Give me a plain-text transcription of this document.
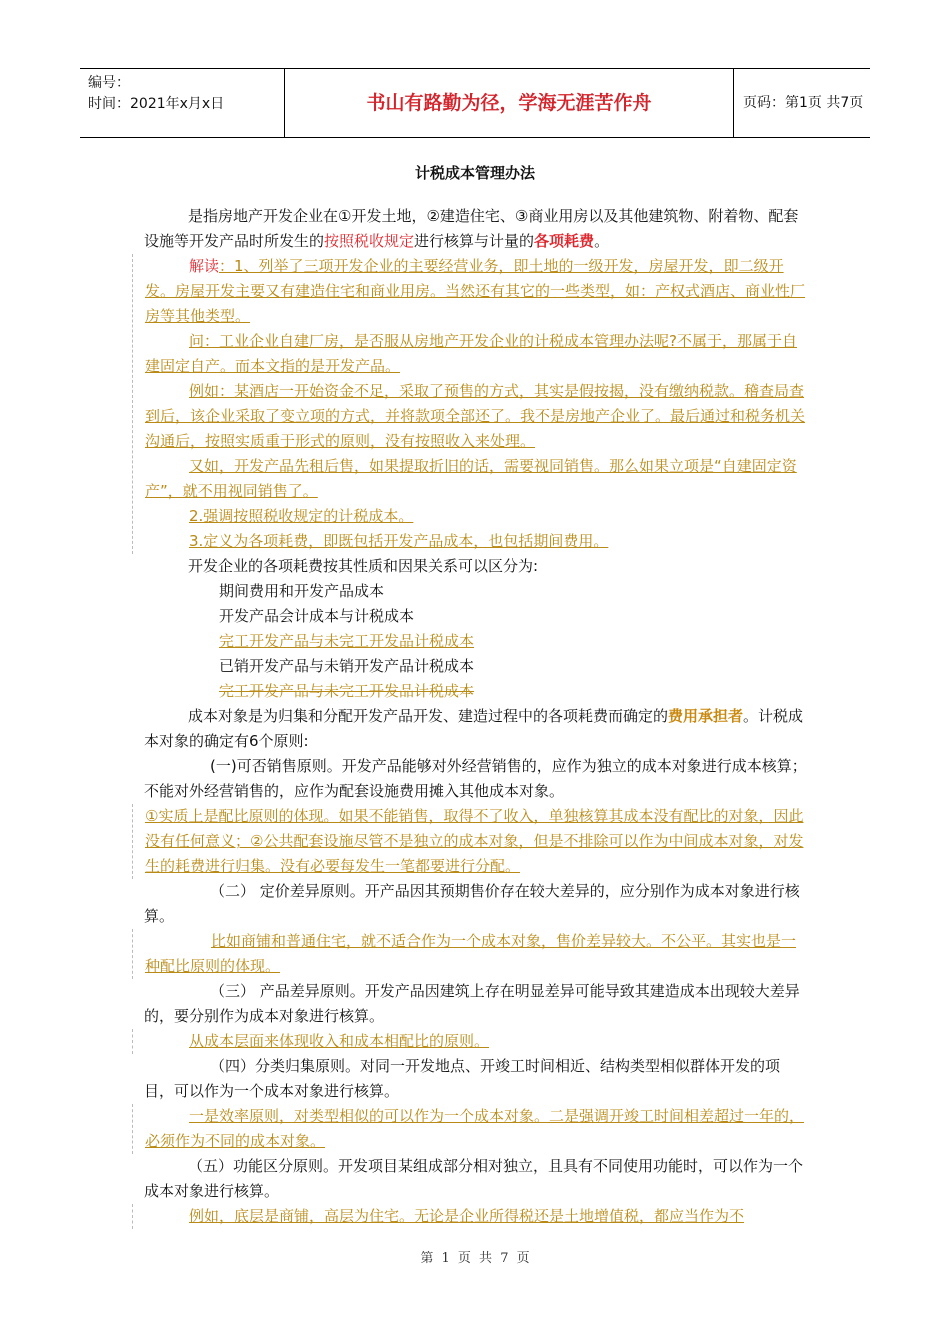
编号：
时间：2021年x月x日	书山有路勤为径，学海无涯苦作舟	页码：第1页 共7页
计税成本管理办法

是指房地产开发企业在①开发土地，②建造住宅、③商业用房以及其他建筑物、附着物、配套设施等开发产品时所发生的按照税收规定进行核算与计量的各项耗费。

解读：1、列举了三项开发企业的主要经营业务，即土地的一级开发，房屋开发，即二级开发。房屋开发主要又有建造住宅和商业用房。当然还有其它的一些类型，如：产权式酒店、商业性厂房等其他类型。

问：工业企业自建厂房，是否服从房地产开发企业的计税成本管理办法呢?不属于，那属于自建固定自产。而本文指的是开发产品。

例如：某酒店一开始资金不足，采取了预售的方式，其实是假按揭，没有缴纳税款。稽查局查到后，该企业采取了变立项的方式，并将款项全部还了。我不是房地产企业了。最后通过和税务机关沟通后，按照实质重于形式的原则，没有按照收入来处理。

又如，开发产品先租后售，如果提取折旧的话，需要视同销售。那么如果立项是“自建固定资产”，就不用视同销售了。

2.强调按照税收规定的计税成本。

3.定义为各项耗费，即既包括开发产品成本，也包括期间费用。

开发企业的各项耗费按其性质和因果关系可以区分为:

期间费用和开发产品成本

开发产品会计成本与计税成本

完工开发产品与未完工开发品计税成本

已销开发产品与未销开发产品计税成本

完工开发产品与未完工开发品计税成本

成本对象是为归集和分配开发产品开发、建造过程中的各项耗费而确定的费用承担者。计税成本对象的确定有6个原则:

(一)可否销售原则。开发产品能够对外经营销售的，应作为独立的成本对象进行成本核算；不能对外经营销售的，应作为配套设施费用摊入其他成本对象。

①实质上是配比原则的体现。如果不能销售，取得不了收入，单独核算其成本没有配比的对象，因此没有任何意义；②公共配套设施尽管不是独立的成本对象，但是不排除可以作为中间成本对象，对发生的耗费进行归集。没有必要每发生一笔都要进行分配。

（二） 定价差异原则。开产品因其预期售价存在较大差异的，应分别作为成本对象进行核算。

比如商铺和普通住宅，就不适合作为一个成本对象，售价差异较大。不公平。其实也是一种配比原则的体现。

（三） 产品差异原则。开发产品因建筑上存在明显差异可能导致其建造成本出现较大差异的，要分别作为成本对象进行核算。

从成本层面来体现收入和成本相配比的原则。

（四）分类归集原则。对同一开发地点、开竣工时间相近、结构类型相似群体开发的项目，可以作为一个成本对象进行核算。

一是效率原则，对类型相似的可以作为一个成本对象。二是强调开竣工时间相差超过一年的，必须作为不同的成本对象。

（五）功能区分原则。开发项目某组成部分相对独立，且具有不同使用功能时，可以作为一个成本对象进行核算。

例如，底层是商铺，高层为住宅。无论是企业所得税还是土地增值税，都应当作为不

第 1 页 共 7 页
